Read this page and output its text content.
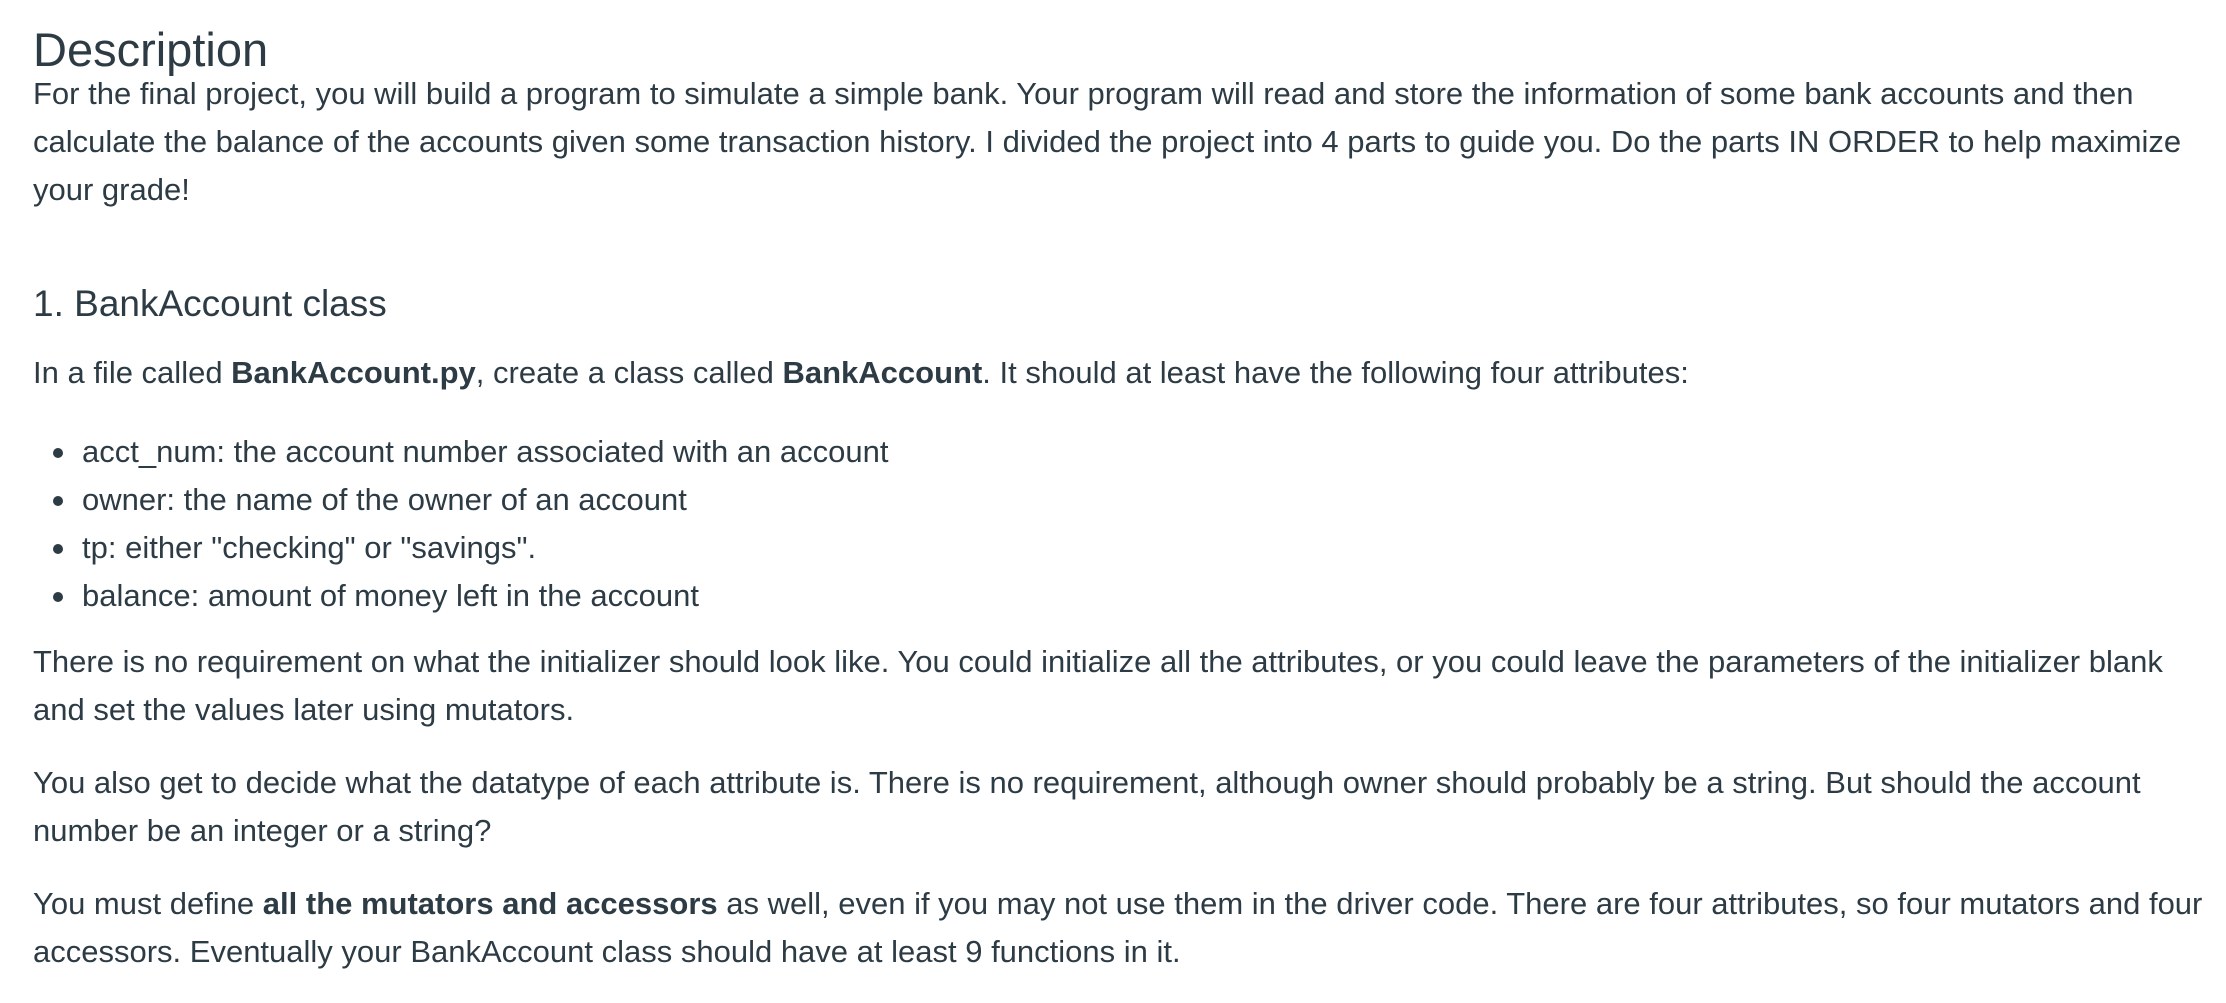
Description

For the final project, you will build a program to simulate a simple bank. Your program will read and store the information of some bank accounts and then calculate the balance of the accounts given some transaction history. I divided the project into 4 parts to guide you. Do the parts IN ORDER to help maximize your grade!

1. BankAccount class

In a file called BankAccount.py, create a class called BankAccount. It should at least have the following four attributes:

acct_num: the account number associated with an account
owner: the name of the owner of an account
tp: either "checking" or "savings".
balance: amount of money left in the account

There is no requirement on what the initializer should look like. You could initialize all the attributes, or you could leave the parameters of the initializer blank and set the values later using mutators.

You also get to decide what the datatype of each attribute is. There is no requirement, although owner should probably be a string. But should the account number be an integer or a string?

You must define all the mutators and accessors as well, even if you may not use them in the driver code. There are four attributes, so four mutators and four accessors. Eventually your BankAccount class should have at least 9 functions in it.
